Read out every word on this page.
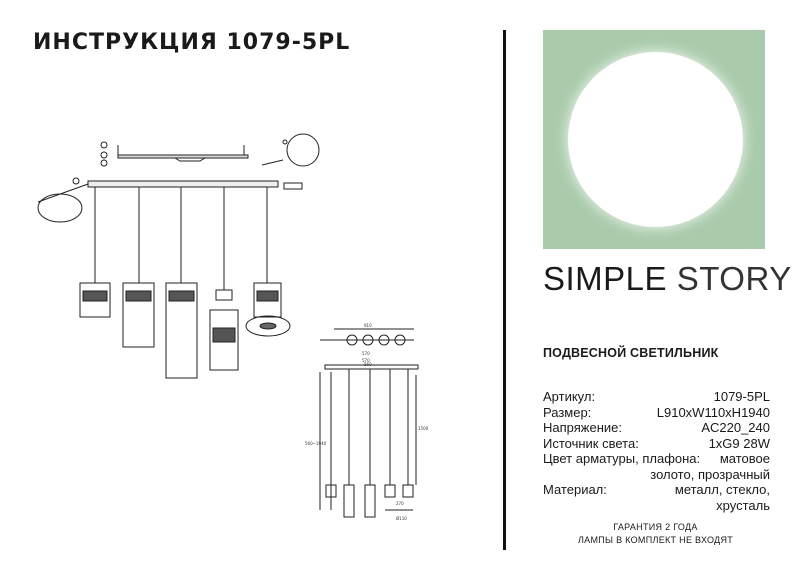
ИНСТРУКЦИЯ 1079-5PL
910
570
570
560
560~1940
1500
270
Ø110
SIMPLE STORY
ПОДВЕСНОЙ СВЕТИЛЬНИК
Артикул:	1079-5PL
Размер:	L910xW110xH1940
Напряжение:	AC220_240
Источник света:	1xG9 28W
Цвет арматуры, плафона: матовое
золото, прозрачный
Материал:	металл, стекло,
хрусталь
ГАРАНТИЯ 2 ГОДА
ЛАМПЫ В КОМПЛЕКТ НЕ ВХОДЯТ
